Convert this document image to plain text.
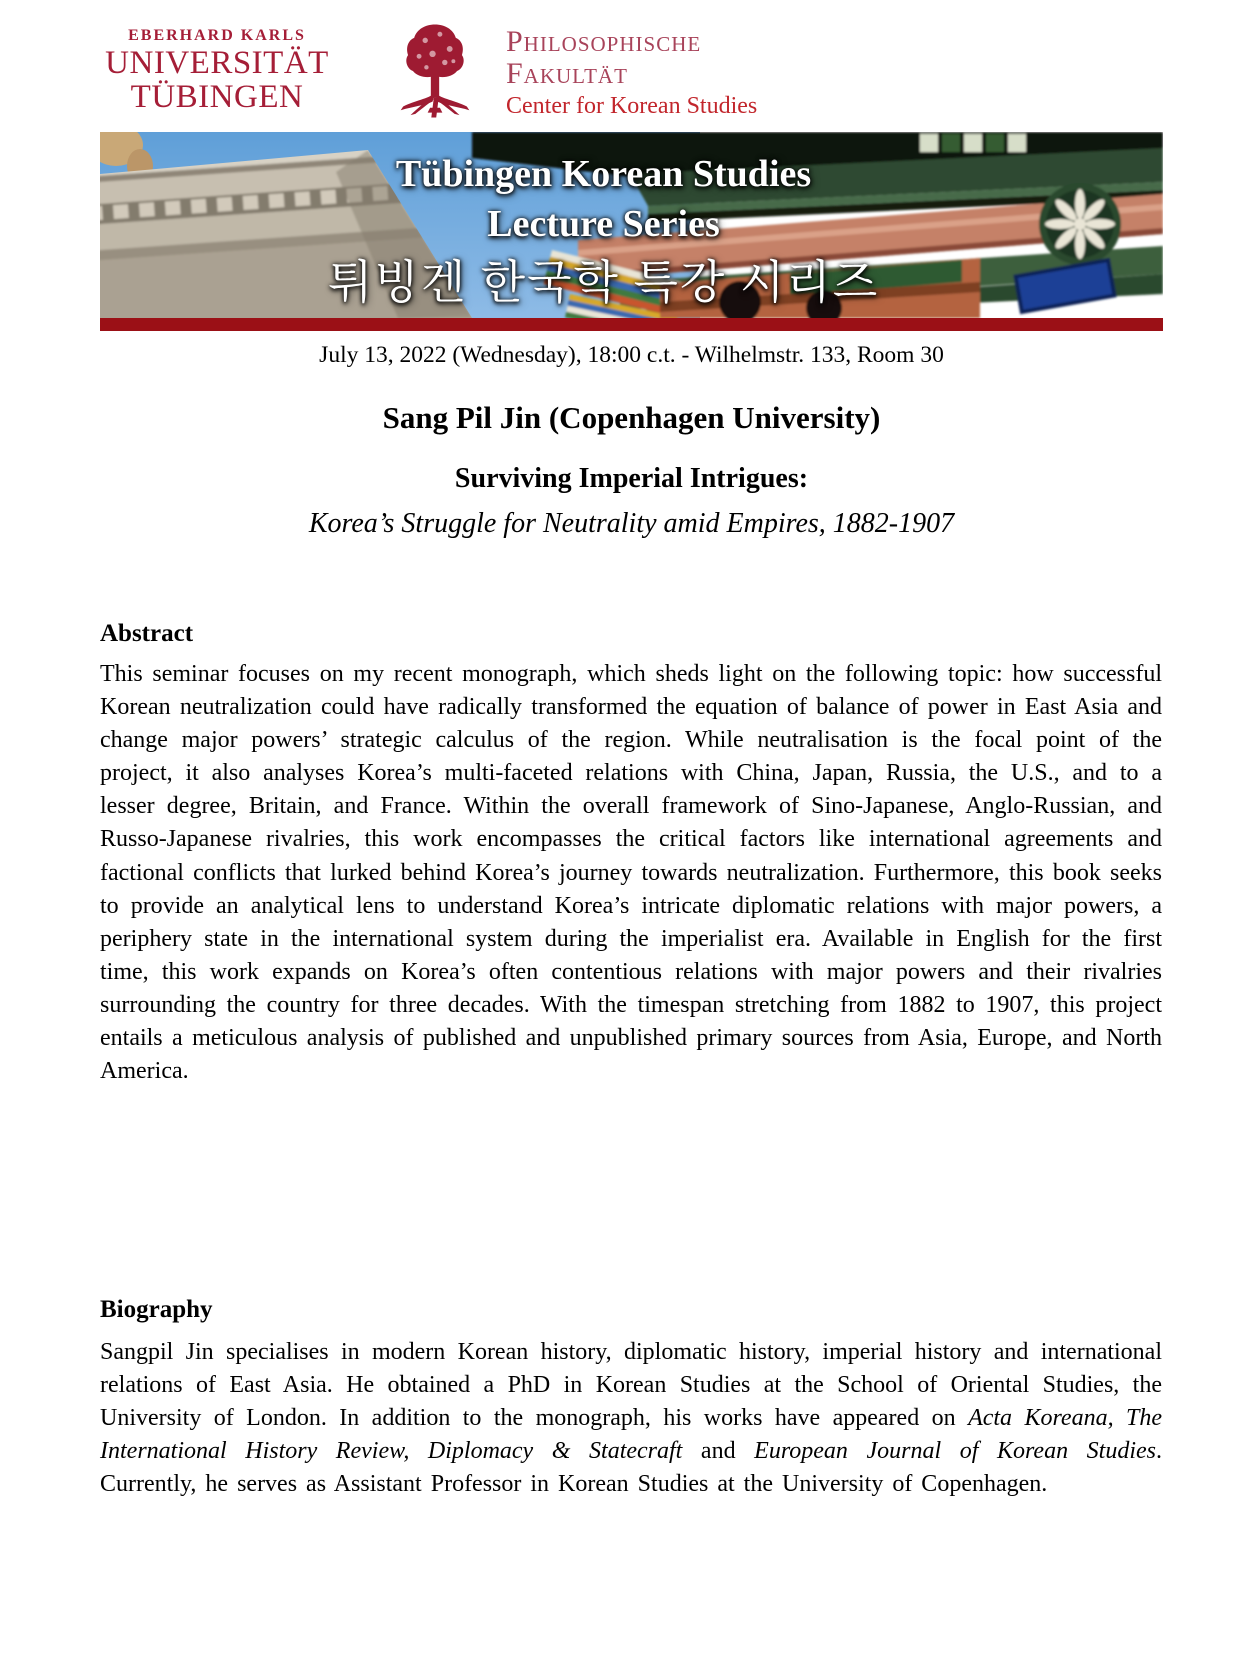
EBERHARD KARLS
UNIVERSITÄT
TÜBINGEN
Philosophische
Fakultät
Center for Korean Studies
Tübingen Korean Studies
Lecture Series
튀빙겐 한국학 특강 시리즈
July 13, 2022 (Wednesday), 18:00 c.t. - Wilhelmstr. 133, Room 30
Sang Pil Jin (Copenhagen University)
Surviving Imperial Intrigues:
Korea’s Struggle for Neutrality amid Empires, 1882-1907
Abstract

This seminar focuses on my recent monograph, which sheds light on the following topic: how successful Korean neutralization could have radically transformed the equation of balance of power in East Asia and change major powers’ strategic calculus of the region. While neutralisation is the focal point of the project, it also analyses Korea’s multi-faceted relations with China, Japan, Russia, the U.S., and to a lesser degree, Britain, and France. Within the overall framework of Sino-Japanese, Anglo-Russian, and Russo-Japanese rivalries, this work encompasses the critical factors like international agreements and factional conflicts that lurked behind Korea’s journey towards neutralization. Furthermore, this book seeks to provide an analytical lens to understand Korea’s intricate diplomatic relations with major powers, a periphery state in the international system during the imperialist era. Available in English for the first time, this work expands on Korea’s often contentious relations with major powers and their rivalries surrounding the country for three decades. With the timespan stretching from 1882 to 1907, this project entails a meticulous analysis of published and unpublished primary sources from Asia, Europe, and North America.

Biography

Sangpil Jin specialises in modern Korean history, diplomatic history, imperial history and international relations of East Asia. He obtained a PhD in Korean Studies at the School of Oriental Studies, the University of London. In addition to the monograph, his works have appeared on Acta Koreana, The International History Review, Diplomacy & Statecraft and European Journal of Korean Studies. Currently, he serves as Assistant Professor in Korean Studies at the University of Copenhagen.
